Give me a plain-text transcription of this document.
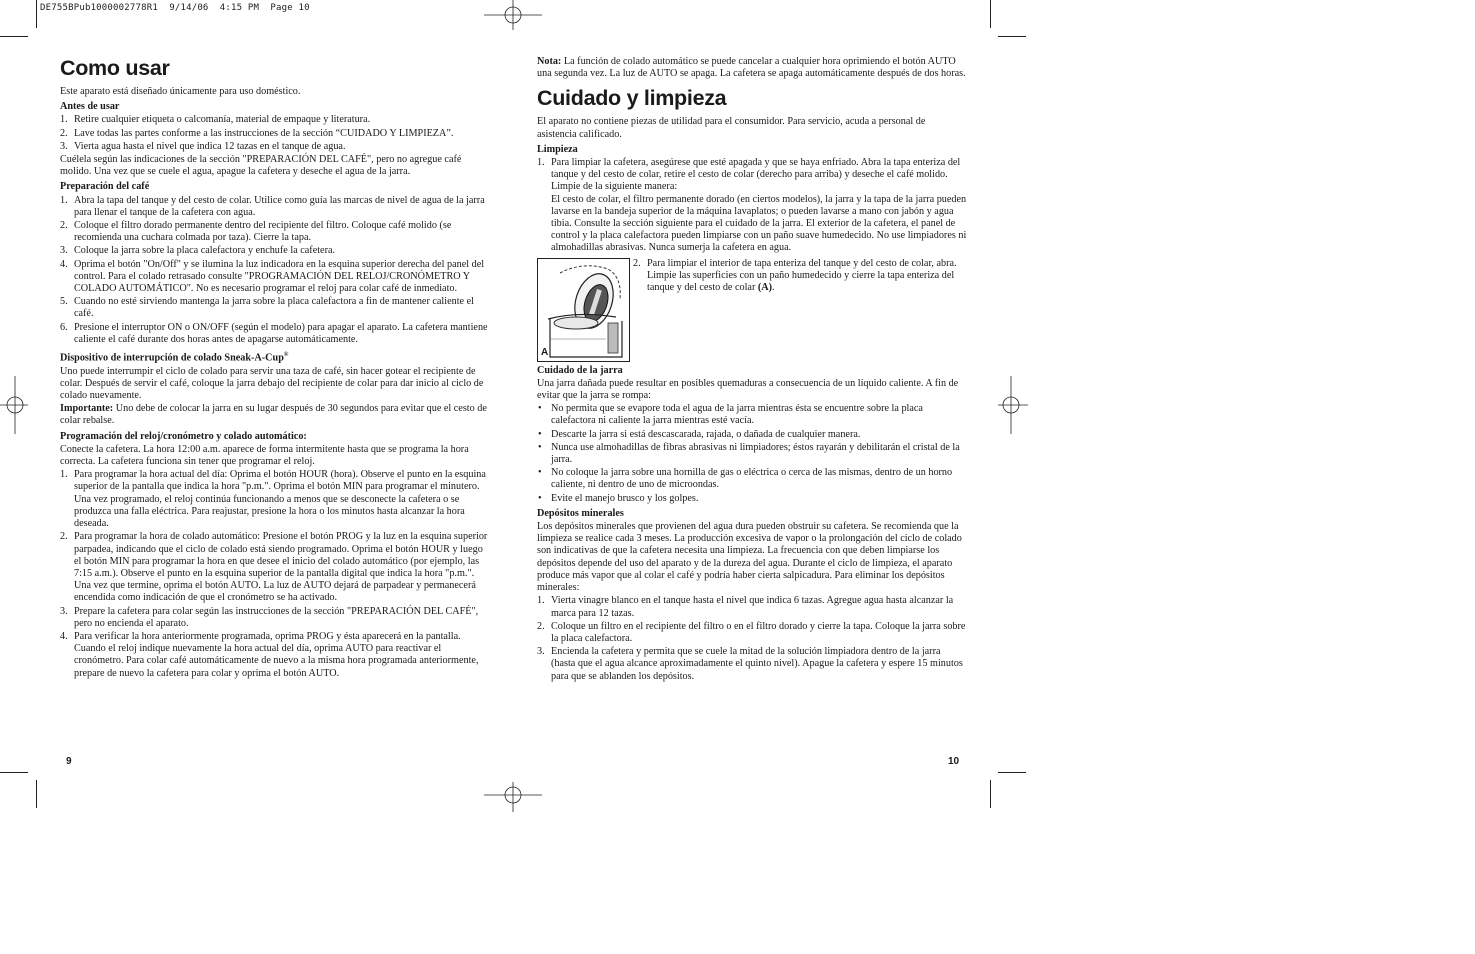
DE755BPub1000002778R1  9/14/06  4:15 PM  Page 10
Como usar

Este aparato está diseñado únicamente para uso doméstico.

Antes de usar

1. Retire cualquier etiqueta o calcomanía, material de empaque y literatura.
2. Lave todas las partes conforme a las instrucciones de la sección “CUIDADO Y LIMPIEZA”.
3. Vierta agua hasta el nivel que indica 12 tazas en el tanque de agua.

Cuélela según las indicaciones de la sección "PREPARACIÓN DEL CAFÉ", pero no agregue café molido. Una vez que se cuele el agua, apague la cafetera y deseche el agua de la jarra.

Preparación del café

1. Abra la tapa del tanque y del cesto de colar. Utilice como guía las marcas de nivel de agua de la jarra para llenar el tanque de la cafetera con agua.
2. Coloque el filtro dorado permanente dentro del recipiente del filtro. Coloque café molido (se recomienda una cuchara colmada por taza). Cierre la tapa.
3. Coloque la jarra sobre la placa calefactora y enchufe la cafetera.
4. Oprima el botón "On/Off" y se ilumina la luz indicadora en la esquina superior derecha del panel del control. Para el colado retrasado consulte "PROGRAMACIÓN DEL RELOJ/CRONÓMETRO Y COLADO AUTOMÁTICO". No es necesario programar el reloj para colar café de inmediato.
5. Cuando no esté sirviendo mantenga la jarra sobre la placa calefactora a fin de mantener caliente el café.
6. Presione el interruptor ON o ON/OFF (según el modelo) para apagar el aparato. La cafetera mantiene caliente el café durante dos horas antes de apagarse automáticamente.

Dispositivo de interrupción de colado Sneak-A-Cup®

Uno puede interrumpir el ciclo de colado para servir una taza de café, sin hacer gotear el recipiente de colar. Después de servir el café, coloque la jarra debajo del recipiente de colar para dar inicio al ciclo de colado nuevamente.

Importante: Uno debe de colocar la jarra en su lugar después de 30 segundos para evitar que el cesto de colar rebalse.

Programación del reloj/cronómetro y colado automático:

Conecte la cafetera. La hora 12:00 a.m. aparece de forma intermitente hasta que se programa la hora correcta. La cafetera funciona sin tener que programar el reloj.

1. Para programar la hora actual del día: Oprima el botón HOUR (hora). Observe el punto en la esquina superior de la pantalla que indica la hora "p.m.". Oprima el botón MIN para programar el minutero. Una vez programado, el reloj continúa funcionando a menos que se desconecte la cafetera o se produzca una falla eléctrica. Para reajustar, presione la hora o los minutos hasta alcanzar la hora deseada.
2. Para programar la hora de colado automático: Presione el botón PROG y la luz en la esquina superior parpadea, indicando que el ciclo de colado está siendo programado. Oprima el botón HOUR y luego el botón MIN para programar la hora en que desee el inicio del colado automático (por ejemplo, las 7:15 a.m.). Observe el punto en la esquina superior de la pantalla digital que indica la hora "p.m.". Una vez que termine, oprima el botón AUTO. La luz de AUTO dejará de parpadear y permanecerá encendida como indicación de que el cronómetro se ha activado.
3. Prepare la cafetera para colar según las instrucciones de la sección "PREPARACIÓN DEL CAFÉ", pero no encienda el aparato.
4. Para verificar la hora anteriormente programada, oprima PROG y ésta aparecerá en la pantalla. Cuando el reloj indique nuevamente la hora actual del día, oprima AUTO para reactivar el cronómetro. Para colar café automáticamente de nuevo a la misma hora programada anteriormente, prepare de nuevo la cafetera para colar y oprima el botón AUTO.
9

Nota: La función de colado automático se puede cancelar a cualquier hora oprimiendo el botón AUTO una segunda vez. La luz de AUTO se apaga. La cafetera se apaga automáticamente después de dos horas.

Cuidado y limpieza

El aparato no contiene piezas de utilidad para el consumidor. Para servicio, acuda a personal de asistencia calificado.

Limpieza

1. Para limpiar la cafetera, asegúrese que esté apagada y que se haya enfriado. Abra la tapa enteriza del tanque y del cesto de colar, retire el cesto de colar (derecho para arriba) y deseche el café molido. Limpie de la siguiente manera:
El cesto de colar, el filtro permanente dorado (en ciertos modelos), la jarra y la tapa de la jarra pueden lavarse en la bandeja superior de la máquina lavaplatos; o pueden lavarse a mano con jabón y agua tibia. Consulte la sección siguiente para el cuidado de la jarra. El exterior de la cafetera, el panel de control y la placa calefactora pueden limpiarse con un paño suave humedecido. No use limpiadores ni almohadillas abrasivas. Nunca sumerja la cafetera en agua.
A
2. Para limpiar el interior de tapa enteriza del tanque y del cesto de colar, abra. Limpie las superficies con un paño humedecido y cierre la tapa enteriza del tanque y del cesto de colar (A).

Cuidado de la jarra

Una jarra dañada puede resultar en posibles quemaduras a consecuencia de un líquido caliente. A fin de evitar que la jarra se rompa:

• No permita que se evapore toda el agua de la jarra mientras ésta se encuentre sobre la placa calefactora ni caliente la jarra mientras esté vacía.
• Descarte la jarra si está descascarada, rajada, o dañada de cualquier manera.
• Nunca use almohadillas de fibras abrasivas ni limpiadores; éstos rayarán y debilitarán el cristal de la jarra.
• No coloque la jarra sobre una hornilla de gas o eléctrica o cerca de las mismas, dentro de un horno caliente, ni dentro de uno de microondas.
• Evite el manejo brusco y los golpes.

Depósitos minerales

Los depósitos minerales que provienen del agua dura pueden obstruir su cafetera. Se recomienda que la limpieza se realice cada 3 meses. La producción excesiva de vapor o la prolongación del ciclo de colado son indicativas de que la cafetera necesita una limpieza. La frecuencia con que deben limpiarse los depósitos depende del uso del aparato y de la dureza del agua. Durante el ciclo de limpieza, el aparato produce más vapor que al colar el café y podría haber cierta salpicadura. Para eliminar los depósitos minerales:

1. Vierta vinagre blanco en el tanque hasta el nivel que indica 6 tazas. Agregue agua hasta alcanzar la marca para 12 tazas.
2. Coloque un filtro en el recipiente del filtro o en el filtro dorado y cierre la tapa. Coloque la jarra sobre la placa calefactora.
3. Encienda la cafetera y permita que se cuele la mitad de la solución limpiadora dentro de la jarra (hasta que el agua alcance aproximadamente el quinto nivel). Apague la cafetera y espere 15 minutos para que se ablanden los depósitos.
10
